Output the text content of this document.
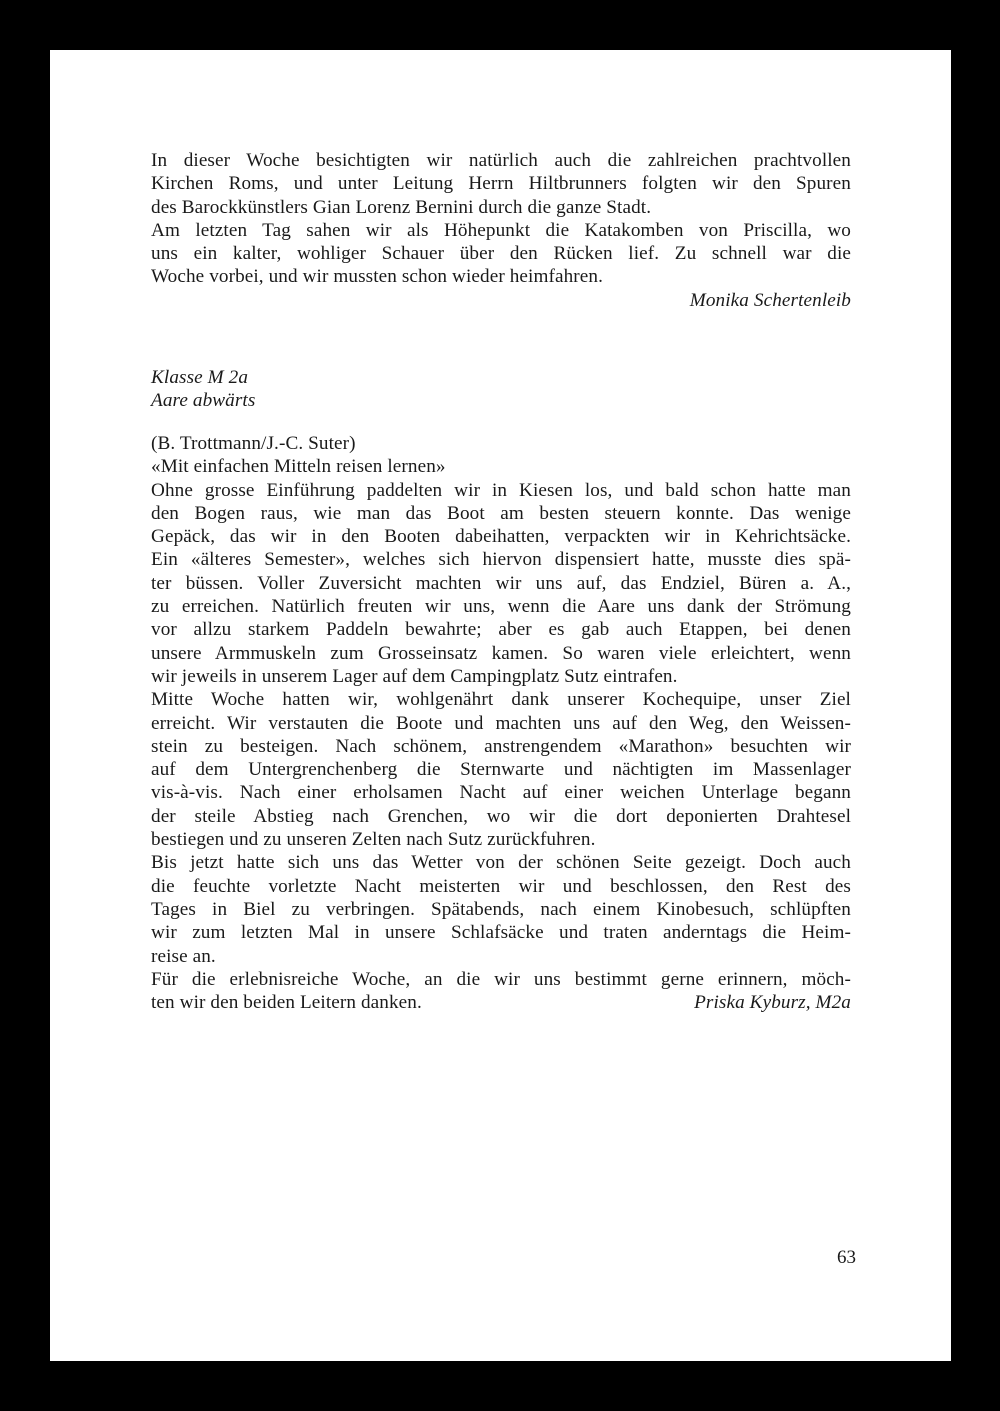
In dieser Woche besichtigten wir natürlich auch die zahlreichen prachtvollen
Kirchen Roms, und unter Leitung Herrn Hiltbrunners folgten wir den Spuren
des Barockkünstlers Gian Lorenz Bernini durch die ganze Stadt.
Am letzten Tag sahen wir als Höhepunkt die Katakomben von Priscilla, wo
uns ein kalter, wohliger Schauer über den Rücken lief. Zu schnell war die
Woche vorbei, und wir mussten schon wieder heimfahren.
Monika Schertenleib
Klasse M 2a
Aare abwärts
(B. Trottmann/J.-C. Suter)
«Mit einfachen Mitteln reisen lernen»
Ohne grosse Einführung paddelten wir in Kiesen los, und bald schon hatte man
den Bogen raus, wie man das Boot am besten steuern konnte. Das wenige
Gepäck, das wir in den Booten dabeihatten, verpackten wir in Kehrichtsäcke.
Ein «älteres Semester», welches sich hiervon dispensiert hatte, musste dies spä-
ter büssen. Voller Zuversicht machten wir uns auf, das Endziel, Büren a. A.,
zu erreichen. Natürlich freuten wir uns, wenn die Aare uns dank der Strömung
vor allzu starkem Paddeln bewahrte; aber es gab auch Etappen, bei denen
unsere Armmuskeln zum Grosseinsatz kamen. So waren viele erleichtert, wenn
wir jeweils in unserem Lager auf dem Campingplatz Sutz eintrafen.
Mitte Woche hatten wir, wohlgenährt dank unserer Kochequipe, unser Ziel
erreicht. Wir verstauten die Boote und machten uns auf den Weg, den Weissen-
stein zu besteigen. Nach schönem, anstrengendem «Marathon» besuchten wir
auf dem Untergrenchenberg die Sternwarte und nächtigten im Massenlager
vis-à-vis. Nach einer erholsamen Nacht auf einer weichen Unterlage begann
der steile Abstieg nach Grenchen, wo wir die dort deponierten Drahtesel
bestiegen und zu unseren Zelten nach Sutz zurückfuhren.
Bis jetzt hatte sich uns das Wetter von der schönen Seite gezeigt. Doch auch
die feuchte vorletzte Nacht meisterten wir und beschlossen, den Rest des
Tages in Biel zu verbringen. Spätabends, nach einem Kinobesuch, schlüpften
wir zum letzten Mal in unsere Schlafsäcke und traten anderntags die Heim-
reise an.
Für die erlebnisreiche Woche, an die wir uns bestimmt gerne erinnern, möch-
ten wir den beiden Leitern danken.	Priska Kyburz, M2a
63
